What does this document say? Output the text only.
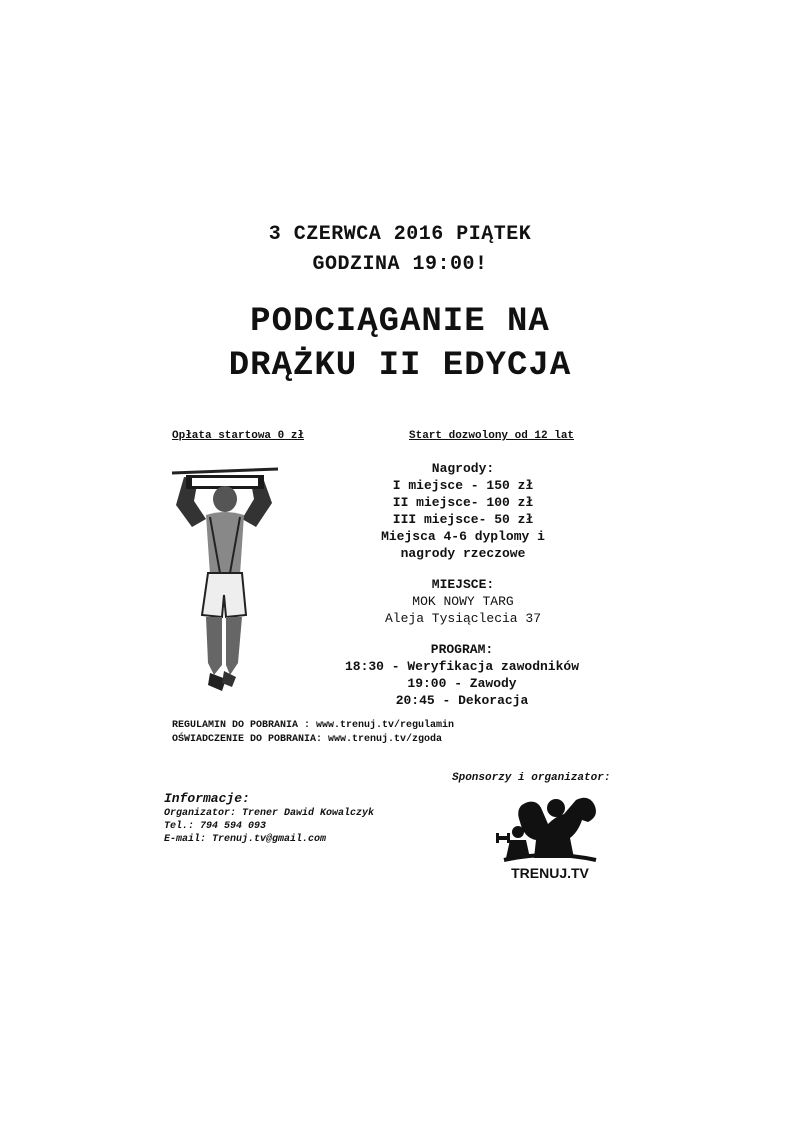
3 CZERWCA 2016 PIĄTEK
GODZINA 19:00!
PODCIĄGANIE NA
DRĄŻKU II EDYCJA
Opłata startowa 0 zł	Start dozwolony od 12 lat
Nagrody:
I miejsce - 150 zł
II miejsce- 100 zł
III miejsce- 50 zł
Miejsca 4-6 dyplomy i
nagrody rzeczowe
MIEJSCE:
MOK NOWY TARG
Aleja Tysiąclecia 37
PROGRAM:
18:30 - Weryfikacja zawodników
19:00 - Zawody
20:45 - Dekoracja
REGULAMIN DO POBRANIA : www.trenuj.tv/regulamin
OŚWIADCZENIE DO POBRANIA: www.trenuj.tv/zgoda
Sponsorzy i organizator:
Informacje:
Organizator: Trener Dawid Kowalczyk
Tel.: 794 594 093
E-mail: Trenuj.tv@gmail.com
TRENUJ.TV
